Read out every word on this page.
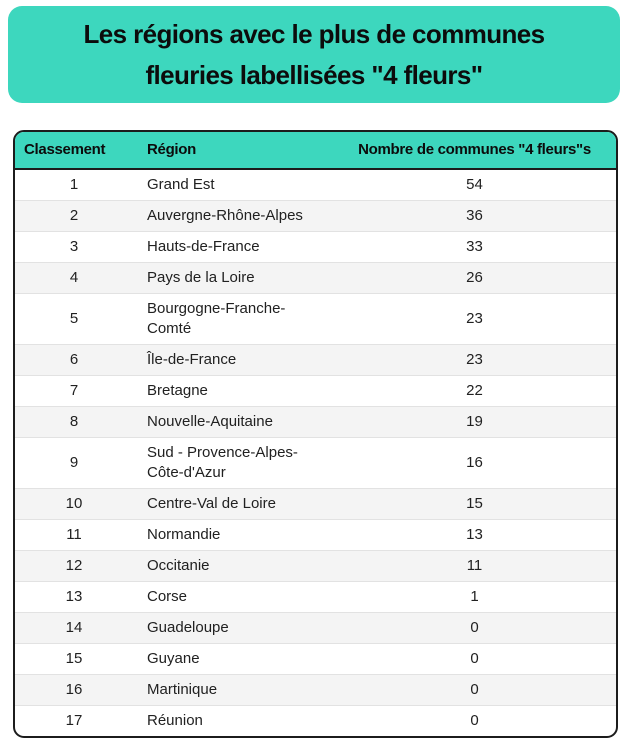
Les régions avec le plus de communes fleuries labellisées "4 fleurs"
Classement	Région	Nombre de communes "4 fleurs"s
1	Grand Est	54
2	Auvergne-Rhône-Alpes	36
3	Hauts-de-France	33
4	Pays de la Loire	26
5	Bourgogne-Franche-Comté	23
6	Île-de-France	23
7	Bretagne	22
8	Nouvelle-Aquitaine	19
9	Sud - Provence-Alpes-Côte-d'Azur	16
10	Centre-Val de Loire	15
11	Normandie	13
12	Occitanie	11
13	Corse	1
14	Guadeloupe	0
15	Guyane	0
16	Martinique	0
17	Réunion	0
